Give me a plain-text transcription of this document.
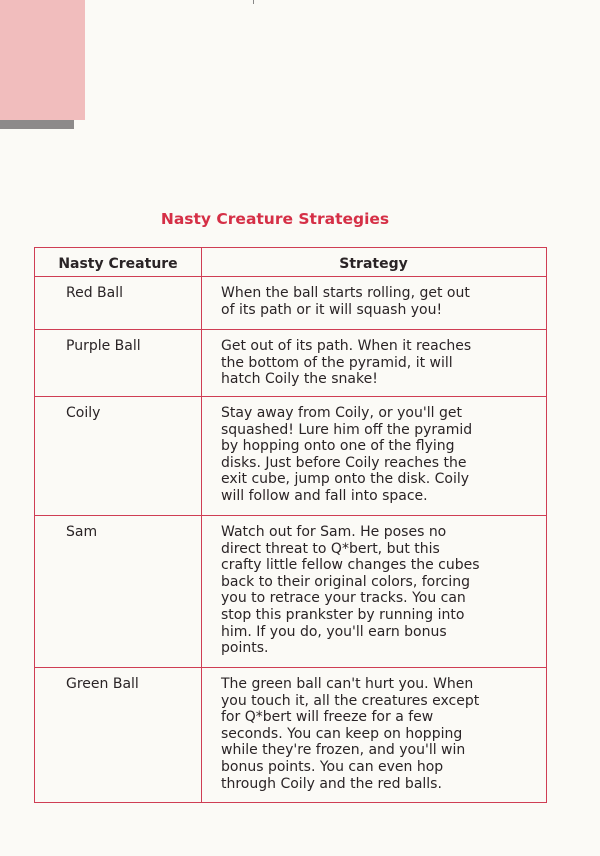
Nasty Creature Strategies
Nasty Creature	Strategy
Red Ball	When the ball starts rolling, get out
of its path or it will squash you!
Purple Ball	Get out of its path. When it reaches
the bottom of the pyramid, it will
hatch Coily the snake!
Coily	Stay away from Coily, or you'll get
squashed! Lure him off the pyramid
by hopping onto one of the flying
disks. Just before Coily reaches the
exit cube, jump onto the disk. Coily
will follow and fall into space.
Sam	Watch out for Sam. He poses no
direct threat to Q*bert, but this
crafty little fellow changes the cubes
back to their original colors, forcing
you to retrace your tracks. You can
stop this prankster by running into
him. If you do, you'll earn bonus
points.
Green Ball	The green ball can't hurt you. When
you touch it, all the creatures except
for Q*bert will freeze for a few
seconds. You can keep on hopping
while they're frozen, and you'll win
bonus points. You can even hop
through Coily and the red balls.
